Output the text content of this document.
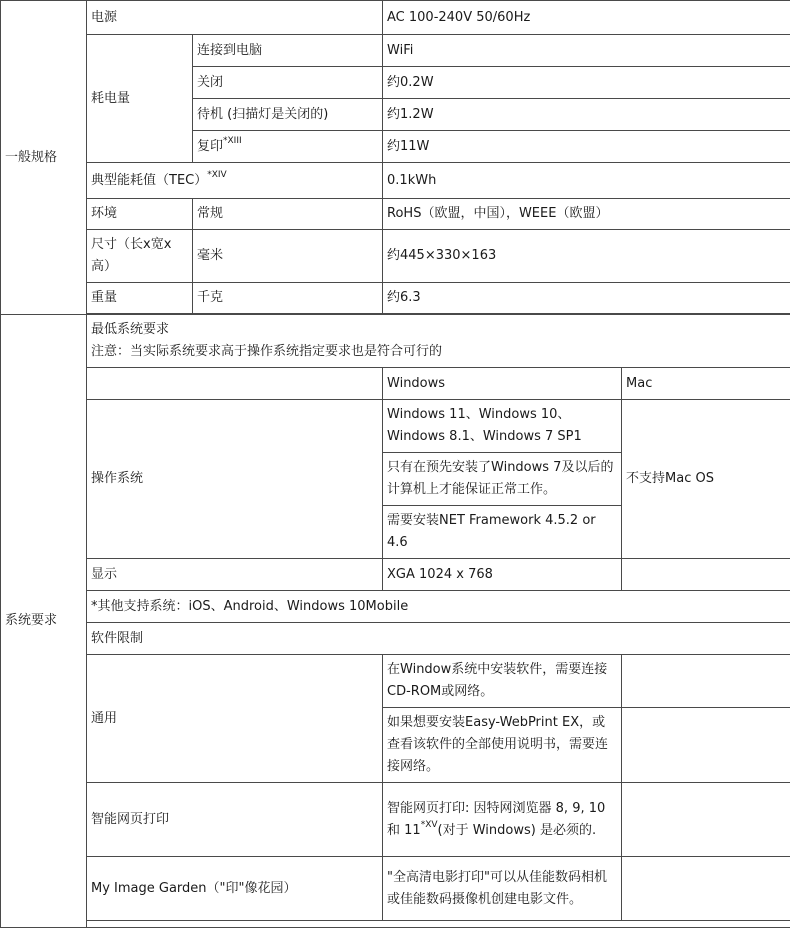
一般规格	电源		AC 100-240V 50/60Hz	
	耗电量	连接到电脑	WiFi	
		关闭	约0.2W	
		待机 (扫描灯是关闭的)	约1.2W	
		复印$^{*XIII}$	约11W	
	典型能耗值（TEC）$^{*XIV}$		0.1kWh	
	环境	常规	RoHS（欧盟，中国），WEEE（欧盟）	
	尺寸（长x宽x高）	毫米	约445×330×163	
	重量	千克	约6.3	

系统要求	最低系统要求
注意：当实际系统要求高于操作系统指定要求也是符合可行的			

			Windows	Mac
	操作系统		Windows 11、Windows 10、Windows 8.1、Windows 7 SP1	不支持Mac OS
			只有在预先安装了Windows 7及以后的计算机上才能保证正常工作。	
			需要安装NET Framework 4.5.2 or 4.6	
	显示		XGA 1024 x 768	
	*其他支持系统：iOS、Android、Windows 10Mobile			
	软件限制			
	通用		在Window系统中安装软件，需要连接CD-ROM或网络。	
			如果想要安装Easy-WebPrint EX，或查看该软件的全部使用说明书，需要连接网络。	
	智能网页打印		智能网页打印: 因特网浏览器 8, 9, 10 和 $11^{*XV}$(对于 Windows) 是必须的.	
	My Image Garden（"印"像花园）		"全高清电影打印"可以从佳能数码相机或佳能数码摄像机创建电影文件。	
